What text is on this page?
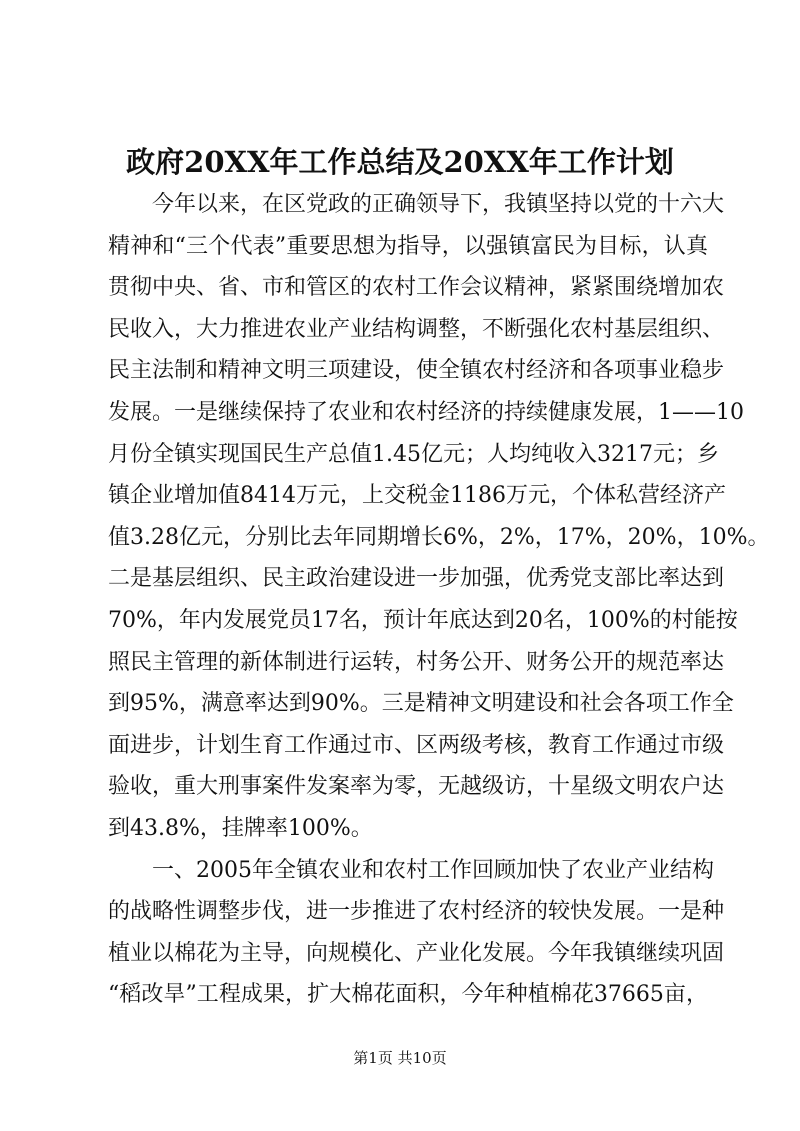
政府20XX年工作总结及20XX年工作计划
今年以来，在区党政的正确领导下，我镇坚持以党的十六大
精神和“三个代表”重要思想为指导，以强镇富民为目标，认真
贯彻中央、省、市和管区的农村工作会议精神，紧紧围绕增加农
民收入，大力推进农业产业结构调整，不断强化农村基层组织、
民主法制和精神文明三项建设，使全镇农村经济和各项事业稳步
发展。一是继续保持了农业和农村经济的持续健康发展，1——10
月份全镇实现国民生产总值1.45亿元；人均纯收入3217元；乡
镇企业增加值8414万元，上交税金1186万元，个体私营经济产
值3.28亿元，分别比去年同期增长6%，2%，17%，20%，10%。
二是基层组织、民主政治建设进一步加强，优秀党支部比率达到
70%，年内发展党员17名，预计年底达到20名，100%的村能按
照民主管理的新体制进行运转，村务公开、财务公开的规范率达
到95%，满意率达到90%。三是精神文明建设和社会各项工作全
面进步，计划生育工作通过市、区两级考核，教育工作通过市级
验收，重大刑事案件发案率为零，无越级访，十星级文明农户达
到43.8%，挂牌率100%。
一、2005年全镇农业和农村工作回顾加快了农业产业结构
的战略性调整步伐，进一步推进了农村经济的较快发展。一是种
植业以棉花为主导，向规模化、产业化发展。今年我镇继续巩固
“稻改旱”工程成果，扩大棉花面积，今年种植棉花37665亩，
第1页 共10页
